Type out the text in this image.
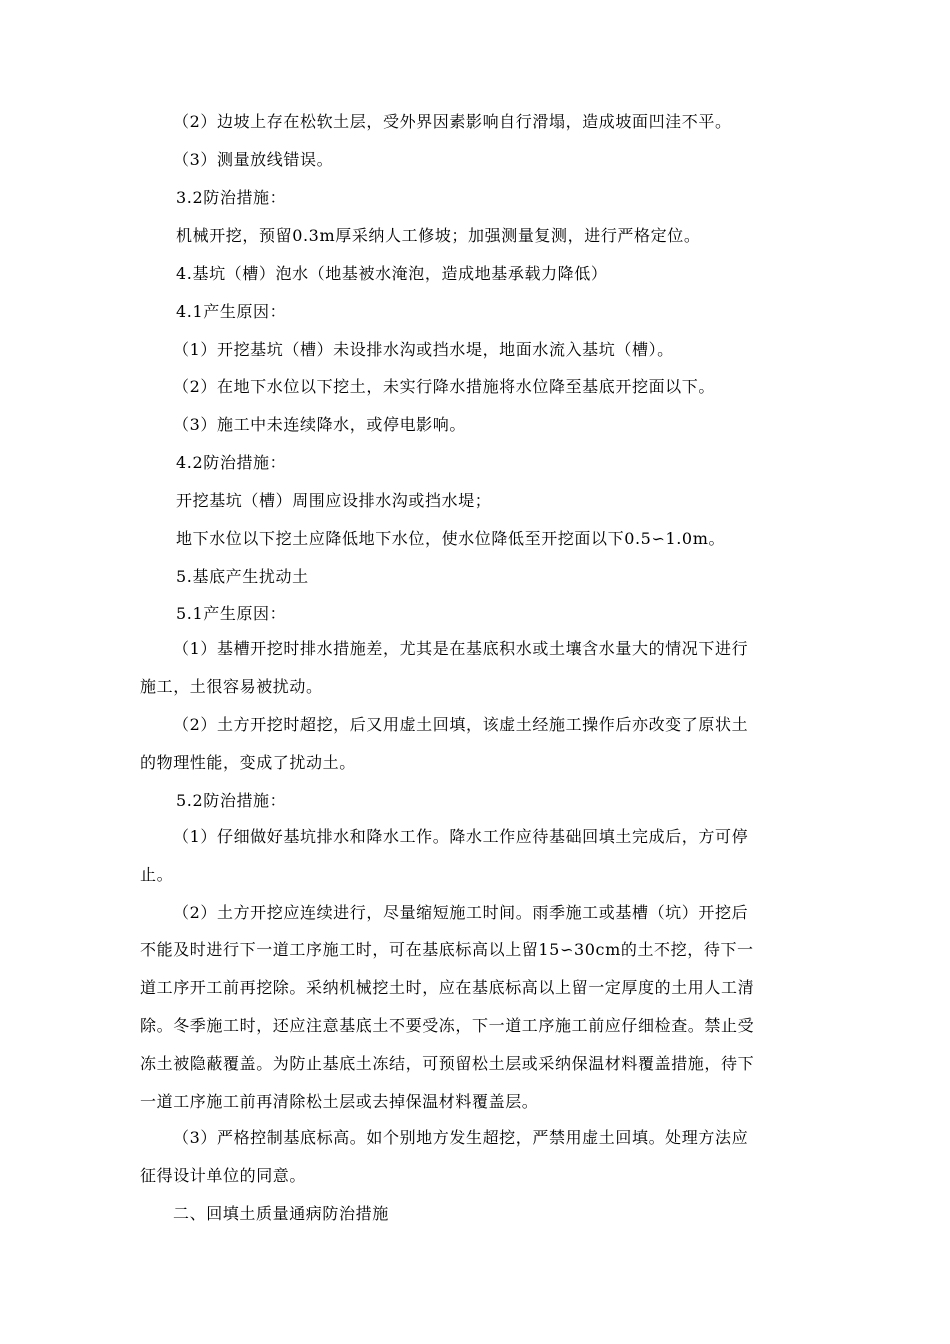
（2）边坡上存在松软土层，受外界因素影响自行滑塌，造成坡面凹洼不平。
（3）测量放线错误。
3.2防治措施：
机械开挖，预留0.3m厚采纳人工修坡；加强测量复测，进行严格定位。
4.基坑（槽）泡水（地基被水淹泡，造成地基承载力降低）
4.1产生原因：
（1）开挖基坑（槽）未设排水沟或挡水堤，地面水流入基坑（槽）。
（2）在地下水位以下挖土，未实行降水措施将水位降至基底开挖面以下。
（3）施工中未连续降水，或停电影响。
4.2防治措施：
开挖基坑（槽）周围应设排水沟或挡水堤；
地下水位以下挖土应降低地下水位，使水位降低至开挖面以下0.5∽1.0m。
5.基底产生扰动土
5.1产生原因：
（1）基槽开挖时排水措施差，尤其是在基底积水或土壤含水量大的情况下进行
施工，土很容易被扰动。
（2）土方开挖时超挖，后又用虚土回填，该虚土经施工操作后亦改变了原状土
的物理性能，变成了扰动土。
5.2防治措施：
（1）仔细做好基坑排水和降水工作。降水工作应待基础回填土完成后，方可停
止。
（2）土方开挖应连续进行，尽量缩短施工时间。雨季施工或基槽（坑）开挖后
不能及时进行下一道工序施工时，可在基底标高以上留15∽30cm的土不挖，待下一
道工序开工前再挖除。采纳机械挖土时，应在基底标高以上留一定厚度的土用人工清
除。冬季施工时，还应注意基底土不要受冻，下一道工序施工前应仔细检查。禁止受
冻土被隐蔽覆盖。为防止基底土冻结，可预留松土层或采纳保温材料覆盖措施，待下
一道工序施工前再清除松土层或去掉保温材料覆盖层。
（3）严格控制基底标高。如个别地方发生超挖，严禁用虚土回填。处理方法应
征得设计单位的同意。
二、回填土质量通病防治措施
